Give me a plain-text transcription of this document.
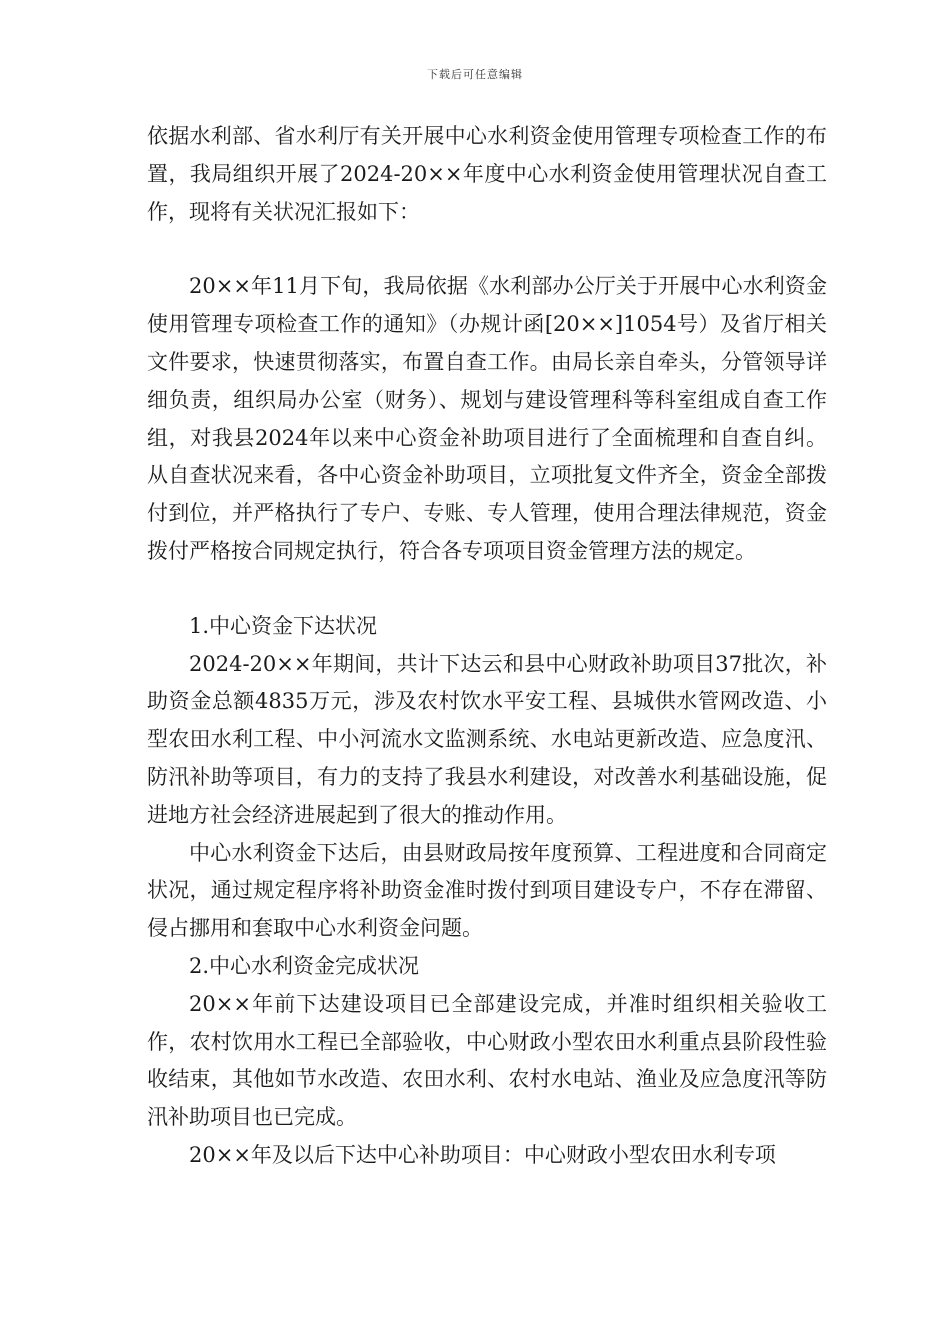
下载后可任意编辑

依据水利部、省水利厅有关开展中心水利资金使用管理专项检查工作的布置，我局组织开展了2024-20××年度中心水利资金使用管理状况自查工作，现将有关状况汇报如下：

20××年11月下旬，我局依据《水利部办公厅关于开展中心水利资金使用管理专项检查工作的通知》（办规计函[20××]1054号）及省厅相关文件要求，快速贯彻落实，布置自查工作。由局长亲自牵头，分管领导详细负责，组织局办公室（财务）、规划与建设管理科等科室组成自查工作组，对我县2024年以来中心资金补助项目进行了全面梳理和自查自纠。从自查状况来看，各中心资金补助项目，立项批复文件齐全，资金全部拨付到位，并严格执行了专户、专账、专人管理，使用合理法律规范，资金拨付严格按合同规定执行，符合各专项项目资金管理方法的规定。

1.中心资金下达状况

2024-20××年期间，共计下达云和县中心财政补助项目37批次，补助资金总额4835万元，涉及农村饮水平安工程、县城供水管网改造、小型农田水利工程、中小河流水文监测系统、水电站更新改造、应急度汛、防汛补助等项目，有力的支持了我县水利建设，对改善水利基础设施，促进地方社会经济进展起到了很大的推动作用。

中心水利资金下达后，由县财政局按年度预算、工程进度和合同商定状况，通过规定程序将补助资金准时拨付到项目建设专户，不存在滞留、侵占挪用和套取中心水利资金问题。

2.中心水利资金完成状况

20××年前下达建设项目已全部建设完成，并准时组织相关验收工作，农村饮用水工程已全部验收，中心财政小型农田水利重点县阶段性验收结束，其他如节水改造、农田水利、农村水电站、渔业及应急度汛等防汛补助项目也已完成。

20××年及以后下达中心补助项目：中心财政小型农田水利专项
